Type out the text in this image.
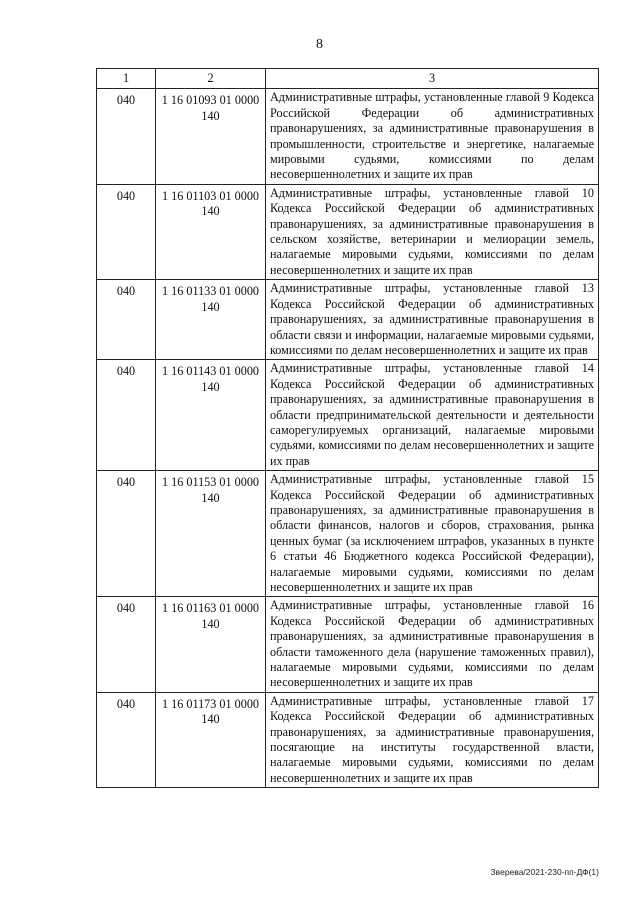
8
1	2	3
040	1 16 01093 01 0000 140	Административные штрафы, установленные главой 9 Кодекса Российской Федерации об административных правонарушениях, за административные правонарушения в промышленности, строительстве и энергетике, налагаемые мировыми судьями, комиссиями по делам несовершеннолетних и защите их прав
040	1 16 01103 01 0000 140	Административные штрафы, установленные главой 10 Кодекса Российской Федерации об административных правонарушениях, за административные правонарушения в сельском хозяйстве, ветеринарии и мелиорации земель, налагаемые мировыми судьями, комиссиями по делам несовершеннолетних и защите их прав
040	1 16 01133 01 0000 140	Административные штрафы, установленные главой 13 Кодекса Российской Федерации об административных правонарушениях, за административные правонарушения в области связи и информации, налагаемые мировыми судьями, комиссиями по делам несовершеннолетних и защите их прав
040	1 16 01143 01 0000 140	Административные штрафы, установленные главой 14 Кодекса Российской Федерации об административных правонарушениях, за административные правонарушения в области предпринимательской деятельности и деятельности саморегулируемых организаций, налагаемые мировыми судьями, комиссиями по делам несовершеннолетних и защите их прав
040	1 16 01153 01 0000 140	Административные штрафы, установленные главой 15 Кодекса Российской Федерации об административных правонарушениях, за административные правонарушения в области финансов, налогов и сборов, страхования, рынка ценных бумаг (за исключением штрафов, указанных в пункте 6 статьи 46 Бюджетного кодекса Российской Федерации), налагаемые мировыми судьями, комиссиями по делам несовершеннолетних и защите их прав
040	1 16 01163 01 0000 140	Административные штрафы, установленные главой 16 Кодекса Российской Федерации об административных правонарушениях, за административные правонарушения в области таможенного дела (нарушение таможенных правил), налагаемые мировыми судьями, комиссиями по делам несовершеннолетних и защите их прав
040	1 16 01173 01 0000 140	Административные штрафы, установленные главой 17 Кодекса Российской Федерации об административных правонарушениях, за административные правонарушения, посягающие на институты государственной власти, налагаемые мировыми судьями, комиссиями по делам несовершеннолетних и защите их прав
Зверева/2021-230-пп-ДФ(1)
